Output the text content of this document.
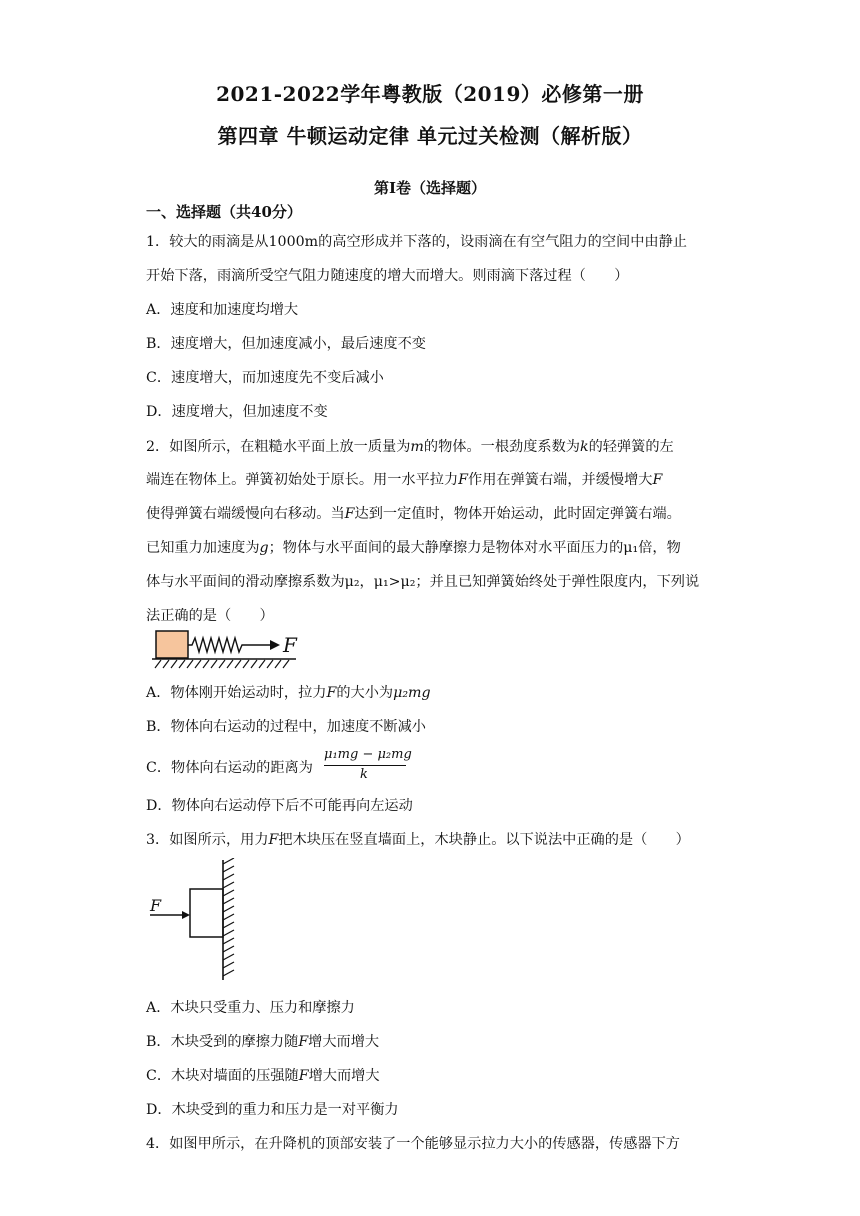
2021-2022学年粤教版（2019）必修第一册
第四章 牛顿运动定律 单元过关检测（解析版）
第Ⅰ卷（选择题）
一、选择题（共40分）
1．较大的雨滴是从1000m的高空形成并下落的，设雨滴在有空气阻力的空间中由静止
开始下落，雨滴所受空气阻力随速度的增大而增大。则雨滴下落过程（　　）
A．速度和加速度均增大
B．速度增大，但加速度减小，最后速度不变
C．速度增大，而加速度先不变后减小
D．速度增大，但加速度不变
2．如图所示，在粗糙水平面上放一质量为m的物体。一根劲度系数为k的轻弹簧的左
端连在物体上。弹簧初始处于原长。用一水平拉力F作用在弹簧右端，并缓慢增大F
使得弹簧右端缓慢向右移动。当F达到一定值时，物体开始运动，此时固定弹簧右端。
已知重力加速度为g；物体与水平面间的最大静摩擦力是物体对水平面压力的μ₁倍，物
体与水平面间的滑动摩擦系数为μ₂，μ₁>μ₂；并且已知弹簧始终处于弹性限度内，下列说
法正确的是（　　）
F
A．物体刚开始运动时，拉力F的大小为μ₂mg
B．物体向右运动的过程中，加速度不断减小
C．物体向右运动的距离为
μ₁mg − μ₂mg
k
D．物体向右运动停下后不可能再向左运动
3．如图所示，用力F把木块压在竖直墙面上，木块静止。以下说法中正确的是（　　）
F
A．木块只受重力、压力和摩擦力
B．木块受到的摩擦力随F增大而增大
C．木块对墙面的压强随F增大而增大
D．木块受到的重力和压力是一对平衡力
4．如图甲所示，在升降机的顶部安装了一个能够显示拉力大小的传感器，传感器下方
